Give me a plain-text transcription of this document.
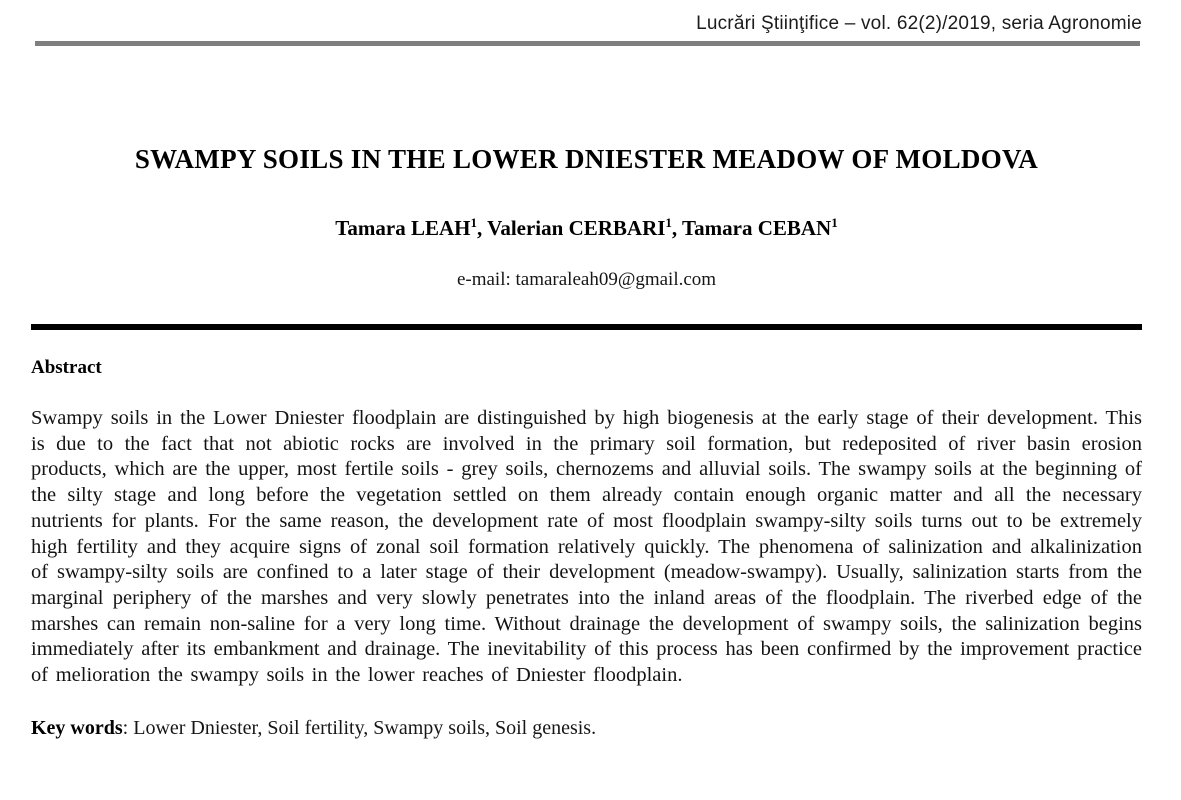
Lucrări Ştiinţifice – vol. 62(2)/2019, seria Agronomie
SWAMPY SOILS IN THE LOWER DNIESTER MEADOW OF MOLDOVA
Tamara LEAH$^1$, Valerian CERBARI$^1$, Tamara CEBAN$^1$
e-mail: tamaraleah09@gmail.com
Abstract
Swampy soils in the Lower Dniester floodplain are distinguished by high biogenesis at the early stage of their development. This is due to the fact that not abiotic rocks are involved in the primary soil formation, but redeposited of river basin erosion products, which are the upper, most fertile soils - grey soils, chernozems and alluvial soils. The swampy soils at the beginning of the silty stage and long before the vegetation settled on them already contain enough organic matter and all the necessary nutrients for plants. For the same reason, the development rate of most floodplain swampy-silty soils turns out to be extremely high fertility and they acquire signs of zonal soil formation relatively quickly. The phenomena of salinization and alkalinization of swampy-silty soils are confined to a later stage of their development (meadow-swampy). Usually, salinization starts from the marginal periphery of the marshes and very slowly penetrates into the inland areas of the floodplain. The riverbed edge of the marshes can remain non-saline for a very long time. Without drainage the development of swampy soils, the salinization begins immediately after its embankment and drainage. The inevitability of this process has been confirmed by the improvement practice of melioration the swampy soils in the lower reaches of Dniester floodplain.
Key words: Lower Dniester, Soil fertility, Swampy soils, Soil genesis.
